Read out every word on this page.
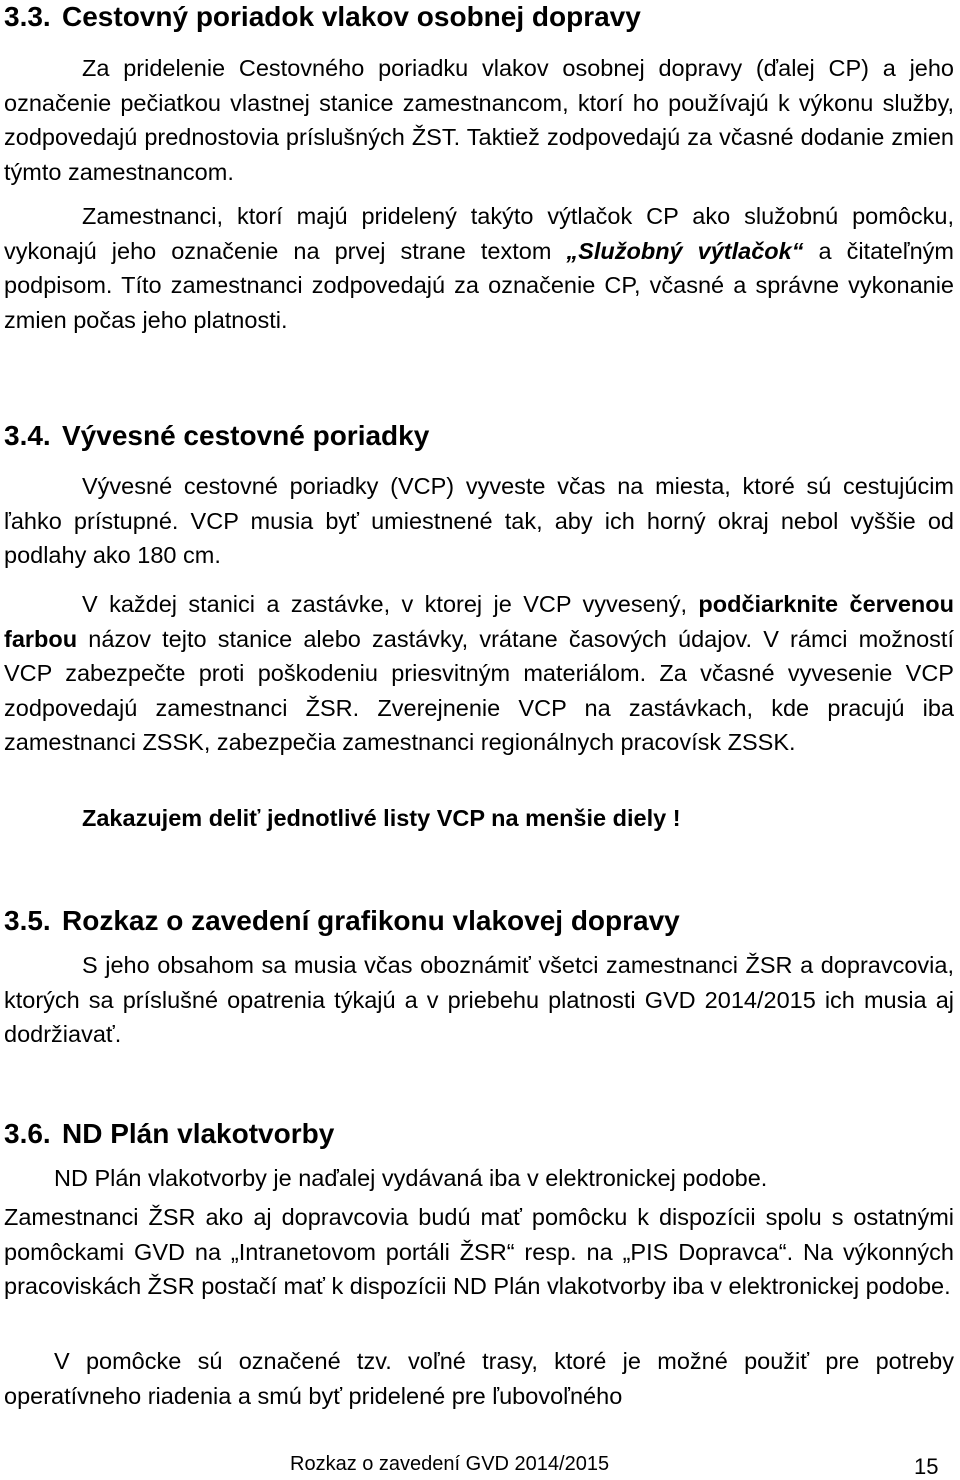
3.3. Cestovný poriadok vlakov osobnej dopravy
Za pridelenie Cestovného poriadku vlakov osobnej dopravy (ďalej CP) a jeho označenie pečiatkou vlastnej stanice zamestnancom, ktorí ho používajú k výkonu služby, zodpovedajú prednostovia príslušných ŽST. Taktiež zodpovedajú za včasné dodanie zmien týmto zamestnancom.
Zamestnanci, ktorí majú pridelený takýto výtlačok CP ako služobnú pomôcku, vykonajú jeho označenie na prvej strane textom „Služobný výtlačok“ a čitateľným podpisom. Títo zamestnanci zodpovedajú za označenie CP, včasné a správne vykonanie zmien počas jeho platnosti.
3.4. Vývesné cestovné poriadky
Vývesné cestovné poriadky (VCP) vyveste včas na miesta, ktoré sú cestujúcim ľahko prístupné. VCP musia byť umiestnené tak, aby ich horný okraj nebol vyššie od podlahy ako 180 cm.
V každej stanici a zastávke, v ktorej je VCP vyvesený, podčiarknite červenou farbou názov tejto stanice alebo zastávky, vrátane časových údajov. V rámci možností VCP zabezpečte proti poškodeniu priesvitným materiálom. Za včasné vyvesenie VCP zodpovedajú zamestnanci ŽSR. Zverejnenie VCP na zastávkach, kde pracujú iba zamestnanci ZSSK, zabezpečia zamestnanci regionálnych pracovísk ZSSK.
Zakazujem deliť jednotlivé listy VCP na menšie diely !
3.5. Rozkaz o zavedení grafikonu vlakovej dopravy
S jeho obsahom sa musia včas oboznámiť všetci zamestnanci ŽSR a dopravcovia, ktorých sa príslušné opatrenia týkajú a v priebehu platnosti GVD 2014/2015 ich musia aj dodržiavať.
3.6. ND Plán vlakotvorby
ND Plán vlakotvorby je naďalej vydávaná iba v elektronickej podobe.
Zamestnanci ŽSR ako aj dopravcovia budú mať pomôcku k dispozícii spolu s ostatnými pomôckami GVD na „Intranetovom portáli ŽSR“ resp. na „PIS Dopravca“. Na výkonných pracoviskách ŽSR postačí mať k dispozícii ND Plán vlakotvorby iba v elektronickej podobe.
V pomôcke sú označené tzv. voľné trasy, ktoré je možné použiť pre potreby operatívneho riadenia a smú byť pridelené pre ľubovoľného
Rozkaz o zavedení GVD 2014/2015	15
